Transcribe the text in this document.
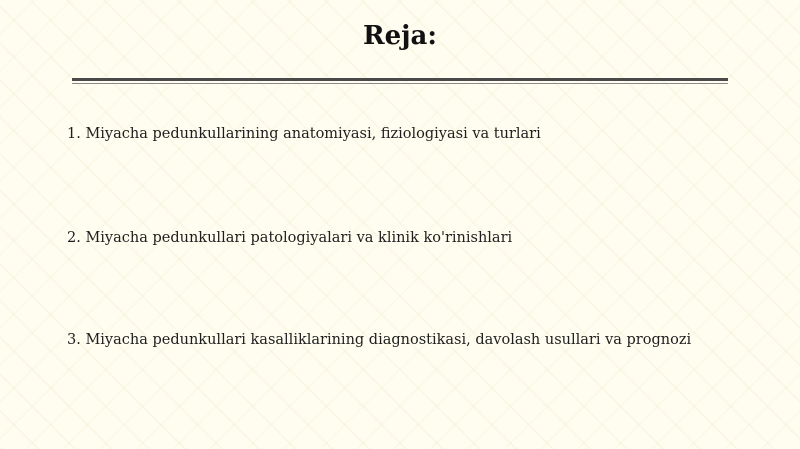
Reja:
1. Miyacha pedunkullarining anatomiyasi, fiziologiyasi va turlari
2. Miyacha pedunkullari patologiyalari va klinik ko'rinishlari
3. Miyacha pedunkullari kasalliklarining diagnostikasi, davolash usullari va prognozi
